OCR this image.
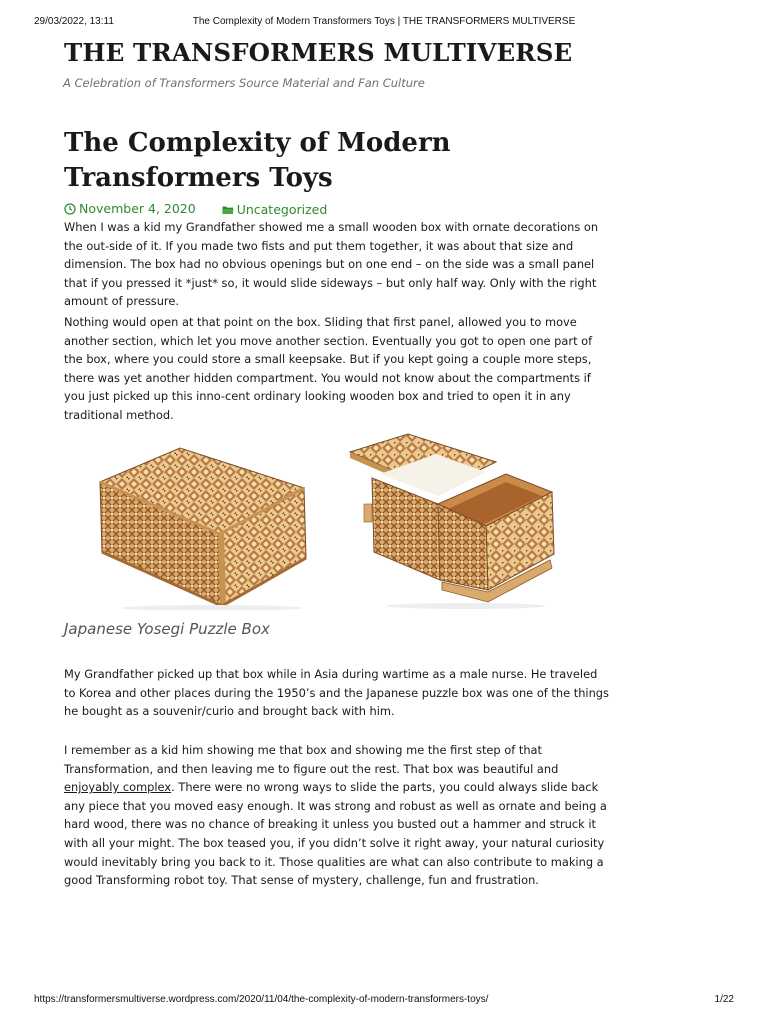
29/03/2022, 13:11	The Complexity of Modern Transformers Toys | THE TRANSFORMERS MULTIVERSE
THE TRANSFORMERS MULTIVERSE

A Celebration of Transformers Source Material and Fan Culture

The Complexity of Modern Transformers Toys
November 4, 2020
	Uncategorized

When I was a kid my Grandfather showed me a small wooden box with ornate decorations on the out-side of it. If you made two fists and put them together, it was about that size and dimension. The box had no obvious openings but on one end – on the side was a small panel that if you pressed it *just* so, it would slide sideways – but only half way. Only with the right amount of pressure.

Nothing would open at that point on the box. Sliding that first panel, allowed you to move another section, which let you move another section. Eventually you got to open one part of the box, where you could store a small keepsake. But if you kept going a couple more steps, there was yet another hidden compartment. You would not know about the compartments if you just picked up this inno-cent ordinary looking wooden box and tried to open it in any traditional method.

Japanese Yosegi Puzzle Box

My Grandfather picked up that box while in Asia during wartime as a male nurse. He traveled to Korea and other places during the 1950’s and the Japanese puzzle box was one of the things he bought as a souvenir/curio and brought back with him.

I remember as a kid him showing me that box and showing me the first step of that Transformation, and then leaving me to figure out the rest. That box was beautiful and enjoyably complex. There were no wrong ways to slide the parts, you could always slide back any piece that you moved easy enough. It was strong and robust as well as ornate and being a hard wood, there was no chance of breaking it unless you busted out a hammer and struck it with all your might. The box teased you, if you didn’t solve it right away, your natural curiosity would inevitably bring you back to it. Those qualities are what can also contribute to making a good Transforming robot toy. That sense of mystery, challenge, fun and frustration.

https://transformersmultiverse.wordpress.com/2020/11/04/the-complexity-of-modern-transformers-toys/	1/22
